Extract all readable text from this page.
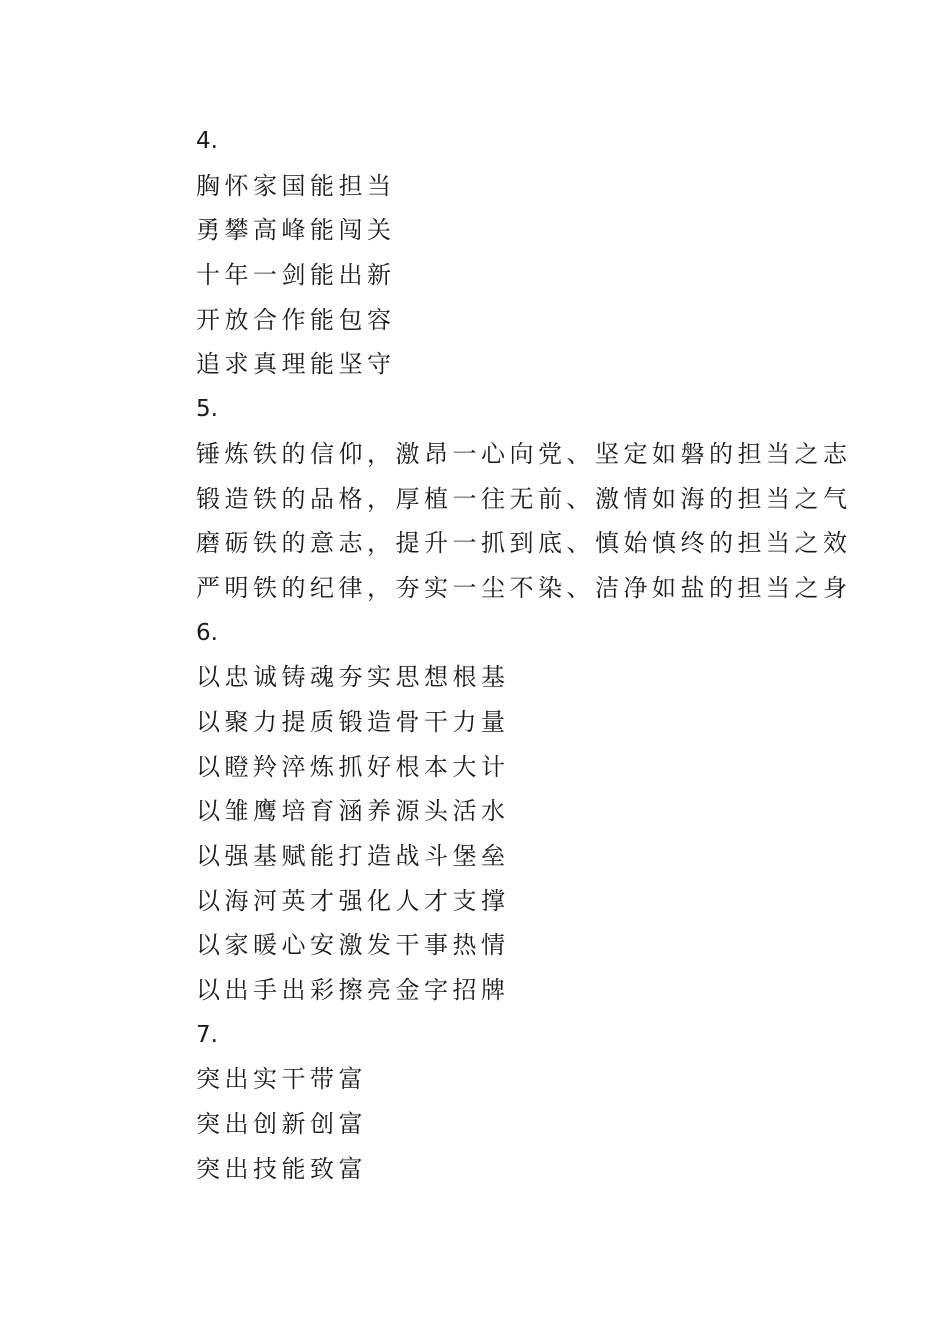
4.
胸怀家国能担当
勇攀高峰能闯关
十年一剑能出新
开放合作能包容
追求真理能坚守
5.
锤炼铁的信仰，激昂一心向党、坚定如磐的担当之志
锻造铁的品格，厚植一往无前、激情如海的担当之气
磨砺铁的意志，提升一抓到底、慎始慎终的担当之效
严明铁的纪律，夯实一尘不染、洁净如盐的担当之身
6.
以忠诚铸魂夯实思想根基
以聚力提质锻造骨干力量
以瞪羚淬炼抓好根本大计
以雏鹰培育涵养源头活水
以强基赋能打造战斗堡垒
以海河英才强化人才支撑
以家暖心安激发干事热情
以出手出彩擦亮金字招牌
7.
突出实干带富
突出创新创富
突出技能致富
